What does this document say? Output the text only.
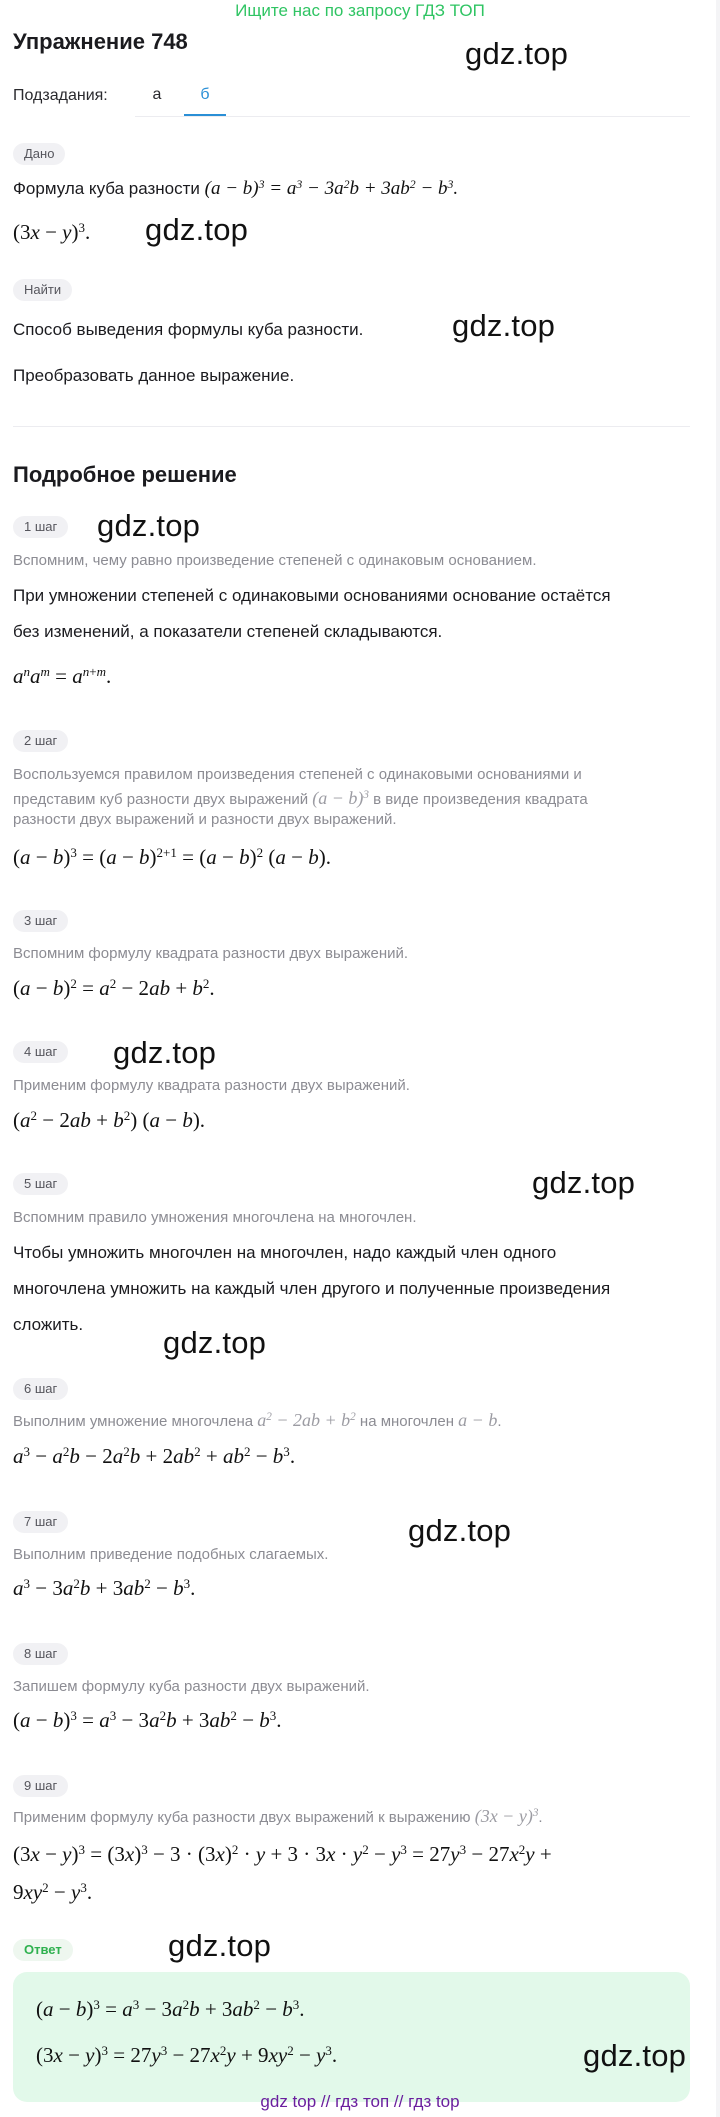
Ищите нас по запросу ГДЗ ТОП
Упражнение 748
Подзадания:	а	б
Дано
Формула куба разности $(a - b)^3 = a^3 - 3a^2b + 3ab^2 - b^3$.
$(3x - y)^3$.
Найти
Способ выведения формулы куба разности.
Преобразовать данное выражение.
Подробное решение
1 шаг
Вспомним, чему равно произведение степеней с одинаковым основанием.
При умножении степеней с одинаковыми основаниями основание остаётся
без изменений, а показатели степеней складываются.
$a^na^m = a^{n+m}$.
2 шаг
Воспользуемся правилом произведения степеней с одинаковыми основаниями и
представим куб разности двух выражений $(a - b)^3$ в виде произведения квадрата
разности двух выражений и разности двух выражений.
$(a - b)^3 = (a - b)^{2+1} = (a - b)^2$ (a − b).
3 шаг
Вспомним формулу квадрата разности двух выражений.
$(a - b)^2 = a^2 - 2ab + b^2$.
4 шаг
Применим формулу квадрата разности двух выражений.
$(a^2 - 2ab + b^2) (a - b)$.
5 шаг
Вспомним правило умножения многочлена на многочлен.
Чтобы умножить многочлен на многочлен, надо каждый член одного
многочлена умножить на каждый член другого и полученные произведения
сложить.
6 шаг
Выполним умножение многочлена $a^2 - 2ab + b^2$ на многочлен a − b.
$a^3 - a^2b - 2a^2b + 2ab^2 + ab^2 - b^3$.
7 шаг
Выполним приведение подобных слагаемых.
$a^3 - 3a^2b + 3ab^2 - b^3$.
8 шаг
Запишем формулу куба разности двух выражений.
$(a - b)^3 = a^3 - 3a^2b + 3ab^2 - b^3$.
9 шаг
Применим формулу куба разности двух выражений к выражению $(3x - y)^3$.
$(3x - y)^3 = (3x)^3 - 3 \cdot (3x)^2 \cdot y + 3 \cdot 3x \cdot y^2 - y^3 = 27y^3 - 27x^2y$ +
$9xy^2 - y^3$.
Ответ
$(a - b)^3 = a^3 - 3a^2b + 3ab^2 - b^3$.
$(3x - y)^3 = 27y^3 - 27x^2y + 9xy^2 - y^3$.
gdz.top
gdz.top
gdz.top
gdz.top
gdz.top
gdz.top
gdz.top
gdz.top
gdz.top
gdz.top
gdz top // гдз топ // гдз top
